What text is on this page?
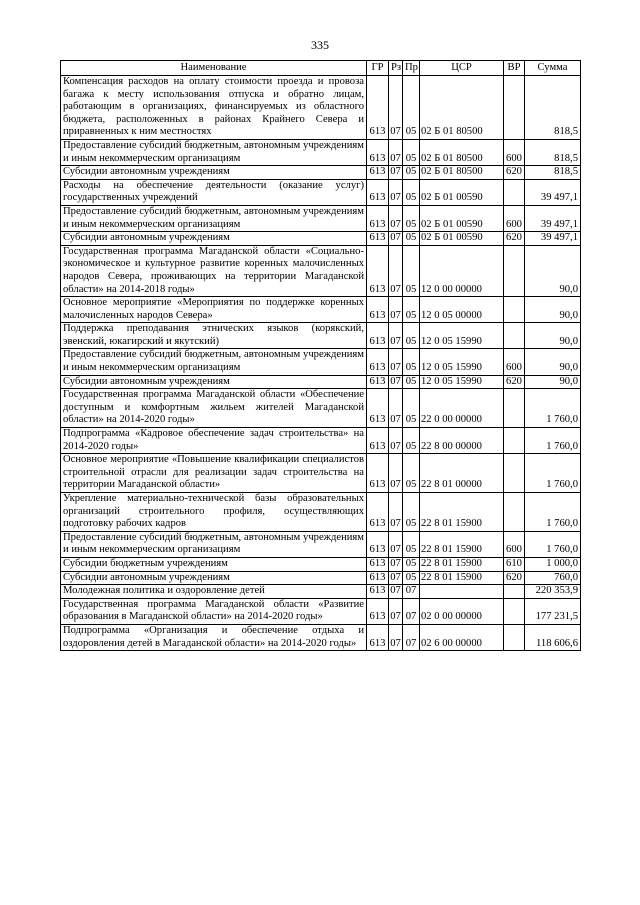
335
Наименование	ГР	Рз	Пр	ЦСР	ВР	Сумма
Компенсация расходов на оплату стоимости проезда и провоза багажа к месту использования отпуска и обратно лицам, работающим в организациях, финансируемых из областного бюджета, расположенных в районах Крайнего Севера и приравненных к ним местностях	613	07	05	02 Б 01 80500		818,5
Предоставление субсидий бюджетным, автономным учреждениям и иным некоммерческим организациям	613	07	05	02 Б 01 80500	600	818,5
Субсидии автономным учреждениям	613	07	05	02 Б 01 80500	620	818,5
Расходы на обеспечение деятельности (оказание услуг) государственных учреждений	613	07	05	02 Б 01 00590		39 497,1
Предоставление субсидий бюджетным, автономным учреждениям и иным некоммерческим организациям	613	07	05	02 Б 01 00590	600	39 497,1
Субсидии автономным учреждениям	613	07	05	02 Б 01 00590	620	39 497,1
Государственная программа Магаданской области «Социально-экономическое и культурное развитие коренных малочисленных народов Севера, проживающих на территории Магаданской области» на 2014-2018 годы»	613	07	05	12 0 00 00000		90,0
Основное мероприятие «Мероприятия по поддержке коренных малочисленных народов Севера»	613	07	05	12 0 05 00000		90,0
Поддержка преподавания этнических языков (корякский, эвенский, юкагирский и якутский)	613	07	05	12 0 05 15990		90,0
Предоставление субсидий бюджетным, автономным учреждениям и иным некоммерческим организациям	613	07	05	12 0 05 15990	600	90,0
Субсидии автономным учреждениям	613	07	05	12 0 05 15990	620	90,0
Государственная программа Магаданской области «Обеспечение доступным и комфортным жильем жителей Магаданской области» на 2014-2020 годы»	613	07	05	22 0 00 00000		1 760,0
Подпрограмма «Кадровое обеспечение задач строительства» на 2014-2020 годы»	613	07	05	22 8 00 00000		1 760,0
Основное мероприятие «Повышение квалификации специалистов строительной отрасли для реализации задач строительства на территории Магаданской области»	613	07	05	22 8 01 00000		1 760,0
Укрепление материально-технической базы образовательных организаций строительного профиля, осуществляющих подготовку рабочих кадров	613	07	05	22 8 01 15900		1 760,0
Предоставление субсидий бюджетным, автономным учреждениям и иным некоммерческим организациям	613	07	05	22 8 01 15900	600	1 760,0
Субсидии бюджетным учреждениям	613	07	05	22 8 01 15900	610	1 000,0
Субсидии автономным учреждениям	613	07	05	22 8 01 15900	620	760,0
Молодежная политика и оздоровление детей	613	07	07			220 353,9
Государственная программа Магаданской области «Развитие образования в Магаданской области» на 2014-2020 годы»	613	07	07	02 0 00 00000		177 231,5
Подпрограмма «Организация и обеспечение отдыха и оздоровления детей в Магаданской области» на 2014-2020 годы»	613	07	07	02 6 00 00000		118 606,6
